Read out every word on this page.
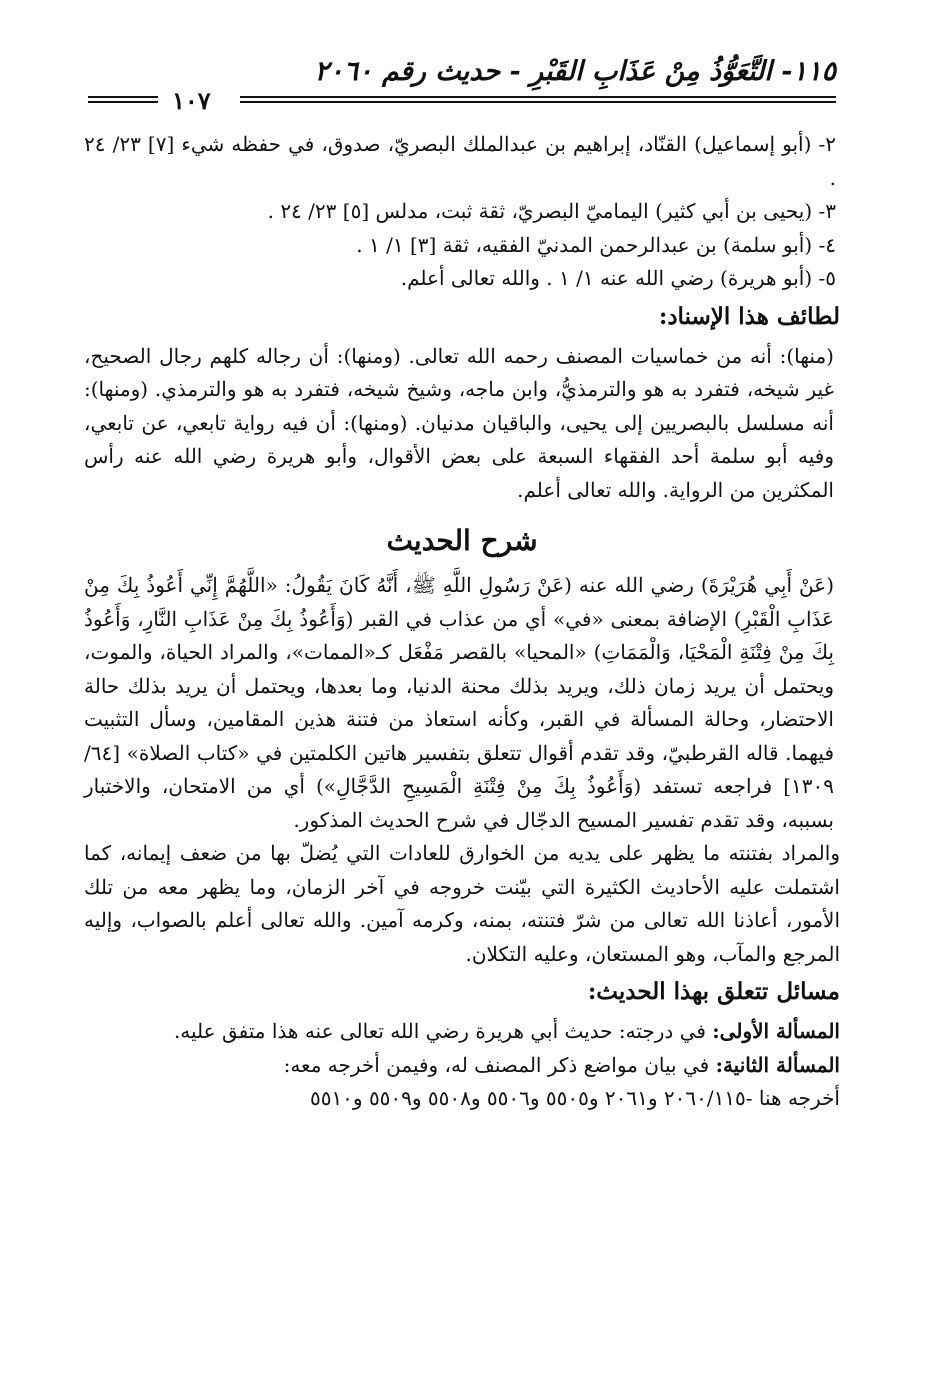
١١٥- التَّعَوُّذُ مِنْ عَذَابِ القَبْرِ - حديث رقم ٢٠٦٠
١٠٧

٢- (أبو إسماعيل) القنّاد، إبراهيم بن عبدالملك البصريّ، صدوق، في حفظه شيء [٧] ٢٣/ ٢٤ .

٣- (يحيى بن أبي كثير) اليماميّ البصريّ، ثقة ثبت، مدلس [٥] ٢٣/ ٢٤ .

٤- (أبو سلمة) بن عبدالرحمن المدنيّ الفقيه، ثقة [٣] ١/ ١ .

٥- (أبو هريرة) رضي الله عنه ١/ ١ . والله تعالى أعلم.

لطائف هذا الإسناد:

(منها): أنه من خماسيات المصنف رحمه الله تعالى. (ومنها): أن رجاله كلهم رجال الصحيح، غير شيخه، فتفرد به هو والترمذيُّ، وابن ماجه، وشيخ شيخه، فتفرد به هو والترمذي. (ومنها): أنه مسلسل بالبصريين إلى يحيى، والباقيان مدنيان. (ومنها): أن فيه رواية تابعي، عن تابعي، وفيه أبو سلمة أحد الفقهاء السبعة على بعض الأقوال، وأبو هريرة رضي الله عنه رأس المكثرين من الرواية. والله تعالى أعلم.

شرح الحديث

(عَنْ أَبِي هُرَيْرَةَ) رضي الله عنه (عَنْ رَسُولِ اللَّهِ ﷺ، أَنَّهُ كَانَ يَقُولُ: «اللَّهُمَّ إِنِّي أَعُوذُ بِكَ مِنْ عَذَابِ الْقَبْرِ) الإضافة بمعنى «في» أي من عذاب في القبر (وَأَعُوذُ بِكَ مِنْ عَذَابِ النَّارِ، وَأَعُوذُ بِكَ مِنْ فِتْنَةِ الْمَحْيَا، وَالْمَمَاتِ) «المحيا» بالقصر مَفْعَل كـ«الممات»، والمراد الحياة، والموت، ويحتمل أن يريد زمان ذلك، ويريد بذلك محنة الدنيا، وما بعدها، ويحتمل أن يريد بذلك حالة الاحتضار، وحالة المسألة في القبر، وكأنه استعاذ من فتنة هذين المقامين، وسأل التثبيت فيهما. قاله القرطبيّ، وقد تقدم أقوال تتعلق بتفسير هاتين الكلمتين في «كتاب الصلاة» [٦٤/ ١٣٠٩] فراجعه تستفد (وَأَعُوذُ بِكَ مِنْ فِتْنَةِ الْمَسِيحِ الدَّجَّالِ») أي من الامتحان، والاختبار بسببه، وقد تقدم تفسير المسيح الدجّال في شرح الحديث المذكور.

والمراد بفتنته ما يظهر على يديه من الخوارق للعادات التي يُضلّ بها من ضعف إيمانه، كما اشتملت عليه الأحاديث الكثيرة التي بيّنت خروجه في آخر الزمان، وما يظهر معه من تلك الأمور، أعاذنا الله تعالى من شرّ فتنته، بمنه، وكرمه آمين. والله تعالى أعلم بالصواب، وإليه المرجع والمآب، وهو المستعان، وعليه التكلان.

مسائل تتعلق بهذا الحديث:

المسألة الأولى: في درجته: حديث أبي هريرة رضي الله تعالى عنه هذا متفق عليه.

المسألة الثانية: في بيان مواضع ذكر المصنف له، وفيمن أخرجه معه:

أخرجه هنا -٢٠٦٠/١١٥ و٢٠٦١ و٥٥٠٥ و٥٥٠٦ و٥٥٠٨ و٥٥٠٩ و٥٥١٠
